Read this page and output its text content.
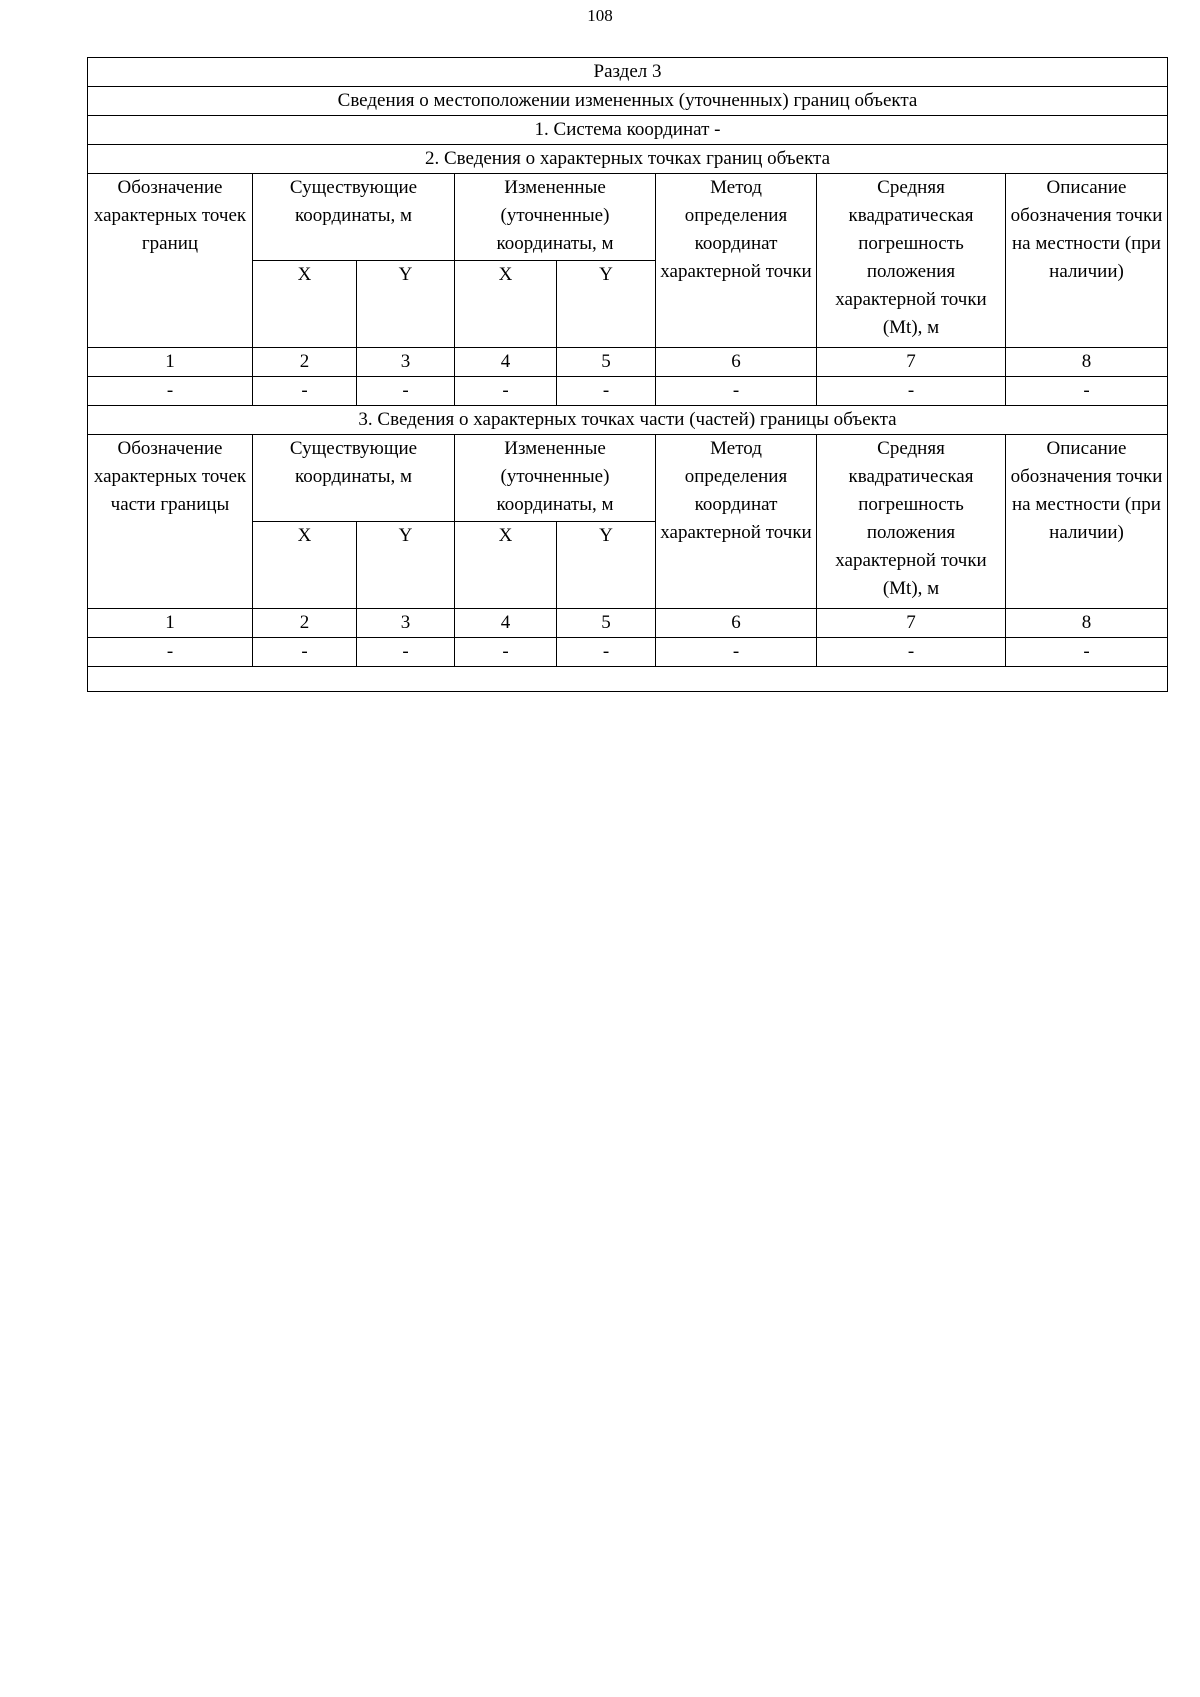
108
Раздел 3							
Сведения о местоположении измененных (уточненных) границ объекта							
1. Система координат -							
2. Сведения о характерных точках границ объекта							
Обозначение характерных точек границ	Существующие координаты, м		Измененные (уточненные) координаты, м		Метод определения координат характерной точки	Средняя квадратическая погрешность положения характерной точки (Mt), м	Описание обозначения точки на местности (при наличии)
	X	Y	X	Y			
1	2	3	4	5	6	7	8
-	-	-	-	-	-	-	-
3. Сведения о характерных точках части (частей) границы объекта							
Обозначение характерных точек части границы	Существующие координаты, м		Измененные (уточненные) координаты, м		Метод определения координат характерной точки	Средняя квадратическая погрешность положения характерной точки (Mt), м	Описание обозначения точки на местности (при наличии)
	X	Y	X	Y			
1	2	3	4	5	6	7	8
-	-	-	-	-	-	-	-
